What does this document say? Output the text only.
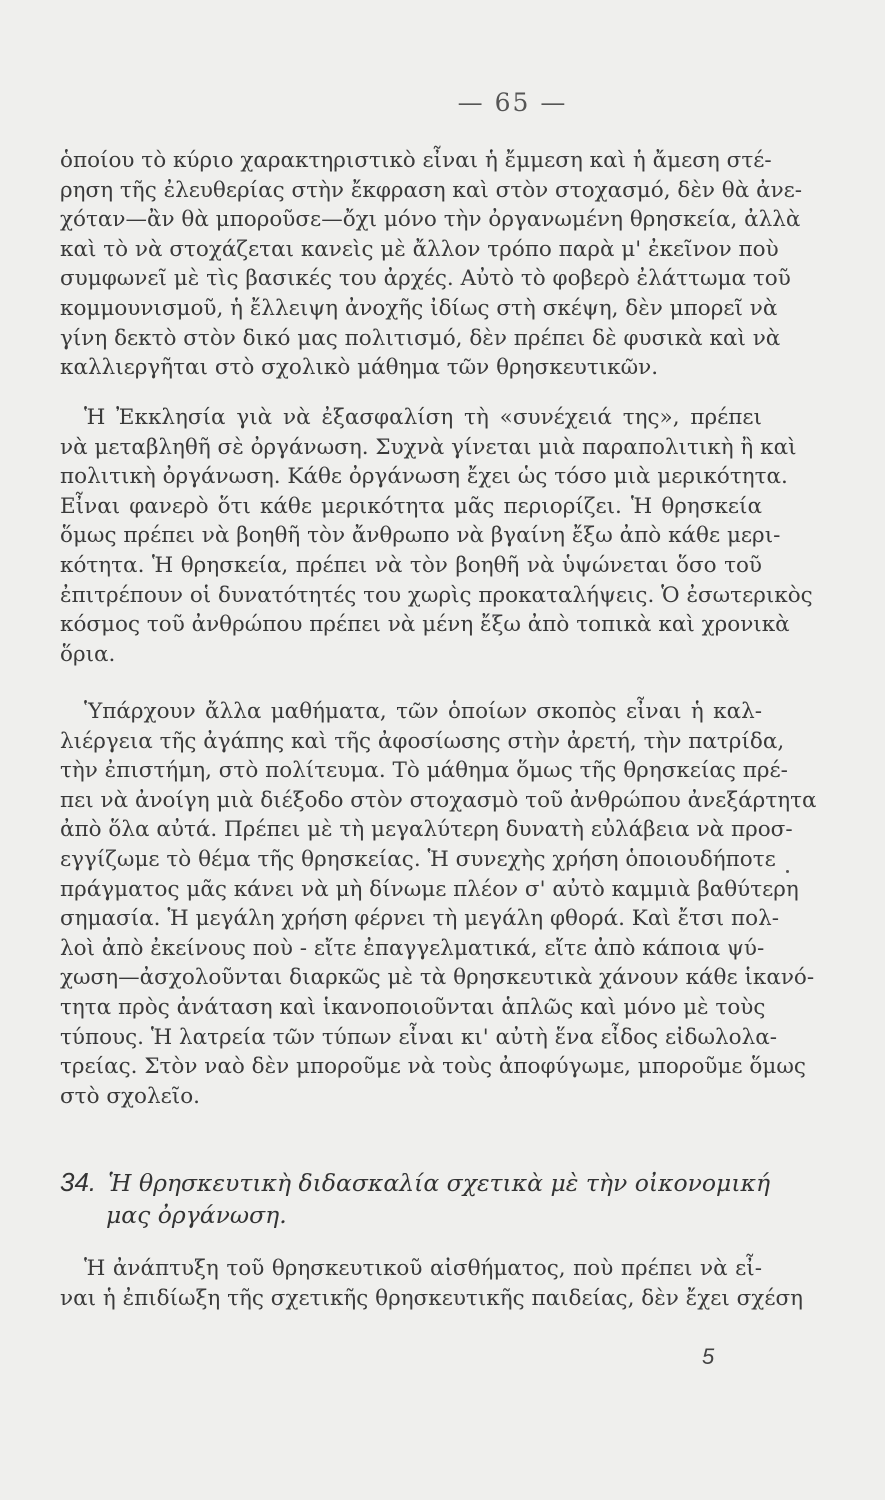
— 65 —
ὁποίου τὸ κύριο χαρακτηριστικὸ εἶναι ἡ ἔμμεση καὶ ἡ ἄμεση στέ-
ρηση τῆς ἐλευθερίας στὴν ἔκφραση καὶ στὸν στοχασμό, δὲν θὰ ἀνε-
χόταν—ἂν θὰ μποροῦσε—ὄχι μόνο τὴν ὀργανωμένη θρησκεία, ἀλλὰ
καὶ τὸ νὰ στοχάζεται κανεὶς μὲ ἄλλον τρόπο παρὰ μ' ἐκεῖνον ποὺ
συμφωνεῖ μὲ τὶς βασικές του ἀρχές. Αὐτὸ τὸ φοβερὸ ἐλάττωμα τοῦ
κομμουνισμοῦ, ἡ ἔλλειψη ἀνοχῆς ἰδίως στὴ σκέψη, δὲν μπορεῖ νὰ
γίνη δεκτὸ στὸν δικό μας πολιτισμό, δὲν πρέπει δὲ φυσικὰ καὶ νὰ
καλλιεργῆται στὸ σχολικὸ μάθημα τῶν θρησκευτικῶν.
Ἡ Ἐκκλησία γιὰ νὰ ἐξασφαλίση τὴ «συνέχειά της», πρέπει
νὰ μεταβληθῆ σὲ ὀργάνωση. Συχνὰ γίνεται μιὰ παραπολιτικὴ ἢ καὶ
πολιτικὴ ὀργάνωση. Κάθε ὀργάνωση ἔχει ὡς τόσο μιὰ μερικότητα.
Εἶναι φανερὸ ὅτι κάθε μερικότητα μᾶς περιορίζει. Ἡ θρησκεία
ὅμως πρέπει νὰ βοηθῆ τὸν ἄνθρωπο νὰ βγαίνη ἔξω ἀπὸ κάθε μερι-
κότητα. Ἡ θρησκεία, πρέπει νὰ τὸν βοηθῆ νὰ ὑψώνεται ὅσο τοῦ
ἐπιτρέπουν οἱ δυνατότητές του χωρὶς προκαταλήψεις. Ὁ ἐσωτερικὸς
κόσμος τοῦ ἀνθρώπου πρέπει νὰ μένη ἔξω ἀπὸ τοπικὰ καὶ χρονικὰ
ὅρια.
Ὑπάρχουν ἄλλα μαθήματα, τῶν ὁποίων σκοπὸς εἶναι ἡ καλ-
λιέργεια τῆς ἀγάπης καὶ τῆς ἀφοσίωσης στὴν ἀρετή, τὴν πατρίδα,
τὴν ἐπιστήμη, στὸ πολίτευμα. Τὸ μάθημα ὅμως τῆς θρησκείας πρέ-
πει νὰ ἀνοίγη μιὰ διέξοδο στὸν στοχασμὸ τοῦ ἀνθρώπου ἀνεξάρτητα
ἀπὸ ὅλα αὐτά. Πρέπει μὲ τὴ μεγαλύτερη δυνατὴ εὐλάβεια νὰ προσ-
εγγίζωμε τὸ θέμα τῆς θρησκείας. Ἡ συνεχὴς χρήση ὁποιουδήποτε
πράγματος μᾶς κάνει νὰ μὴ δίνωμε πλέον σ' αὐτὸ καμμιὰ βαθύτερη
σημασία. Ἡ μεγάλη χρήση φέρνει τὴ μεγάλη φθορά. Καὶ ἔτσι πολ-
λοὶ ἀπὸ ἐκείνους ποὺ - εἴτε ἐπαγγελματικά, εἴτε ἀπὸ κάποια ψύ-
χωση—ἀσχολοῦνται διαρκῶς μὲ τὰ θρησκευτικὰ χάνουν κάθε ἱκανό-
τητα πρὸς ἀνάταση καὶ ἱκανοποιοῦνται ἁπλῶς καὶ μόνο μὲ τοὺς
τύπους. Ἡ λατρεία τῶν τύπων εἶναι κι' αὐτὴ ἕνα εἶδος εἰδωλολα-
τρείας. Στὸν ναὸ δὲν μποροῦμε νὰ τοὺς ἀποφύγωμε, μποροῦμε ὅμως
στὸ σχολεῖο.
34. Ἡ θρησκευτικὴ διδασκαλία σχετικὰ μὲ τὴν οἰκονομική
μας ὀργάνωση.
Ἡ ἀνάπτυξη τοῦ θρησκευτικοῦ αἰσθήματος, ποὺ πρέπει νὰ εἶ-
ναι ἡ ἐπιδίωξη τῆς σχετικῆς θρησκευτικῆς παιδείας, δὲν ἔχει σχέση
5
